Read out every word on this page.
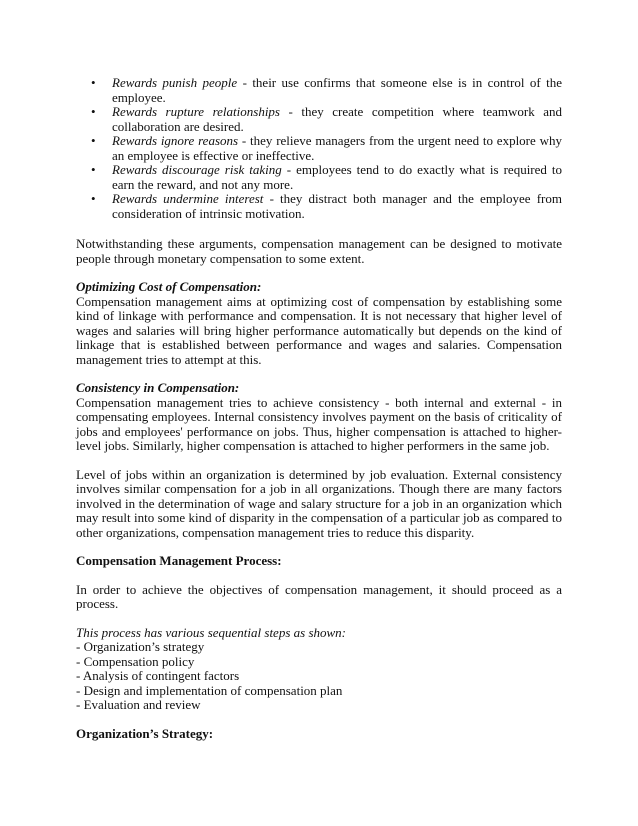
• Rewards punish people - their use confirms that someone else is in control of the employee.
• Rewards rupture relationships - they create competition where teamwork and collaboration are desired.
• Rewards ignore reasons - they relieve managers from the urgent need to explore why an employee is effective or ineffective.
• Rewards discourage risk taking - employees tend to do exactly what is required to earn the reward, and not any more.
• Rewards undermine interest - they distract both manager and the employee from consideration of intrinsic motivation.

Notwithstanding these arguments, compensation management can be designed to motivate people through monetary compensation to some extent.

Optimizing Cost of Compensation:
Compensation management aims at optimizing cost of compensation by establishing some kind of linkage with performance and compensation. It is not necessary that higher level of wages and salaries will bring higher performance automatically but depends on the kind of linkage that is established between performance and wages and salaries. Compensation management tries to attempt at this.

Consistency in Compensation:
Compensation management tries to achieve consistency - both internal and external - in compensating employees. Internal consistency involves payment on the basis of criticality of jobs and employees' performance on jobs. Thus, higher compensation is attached to higher-level jobs. Similarly, higher compensation is attached to higher performers in the same job.

Level of jobs within an organization is determined by job evaluation. External consistency involves similar compensation for a job in all organizations. Though there are many factors involved in the determination of wage and salary structure for a job in an organization which may result into some kind of disparity in the compensation of a particular job as compared to other organizations, compensation management tries to reduce this disparity.

Compensation Management Process:

In order to achieve the objectives of compensation management, it should proceed as a process.

This process has various sequential steps as shown:
- Organization’s strategy
- Compensation policy
- Analysis of contingent factors
- Design and implementation of compensation plan
- Evaluation and review

Organization’s Strategy:
